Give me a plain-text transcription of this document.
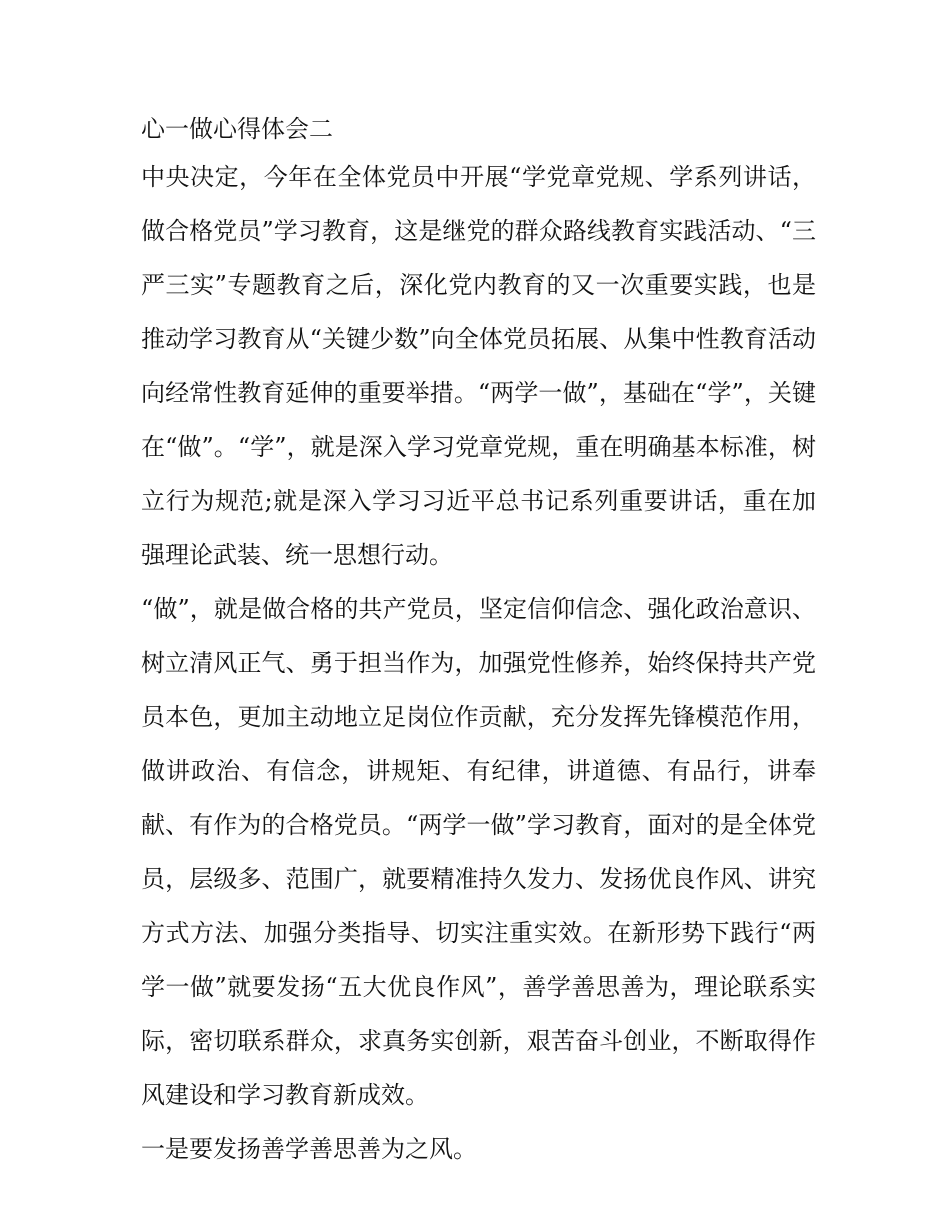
心一做心得体会二

中央决定，今年在全体党员中开展“学党章党规、学系列讲话，做合格党员”学习教育，这是继党的群众路线教育实践活动、“三严三实”专题教育之后，深化党内教育的又一次重要实践，也是推动学习教育从“关键少数”向全体党员拓展、从集中性教育活动向经常性教育延伸的重要举措。“两学一做”，基础在“学”，关键在“做”。“学”，就是深入学习党章党规，重在明确基本标准，树立行为规范;就是深入学习习近平总书记系列重要讲话，重在加强理论武装、统一思想行动。

“做”，就是做合格的共产党员，坚定信仰信念、强化政治意识、树立清风正气、勇于担当作为，加强党性修养，始终保持共产党员本色，更加主动地立足岗位作贡献，充分发挥先锋模范作用，做讲政治、有信念，讲规矩、有纪律，讲道德、有品行，讲奉献、有作为的合格党员。“两学一做”学习教育，面对的是全体党员，层级多、范围广，就要精准持久发力、发扬优良作风、讲究方式方法、加强分类指导、切实注重实效。在新形势下践行“两学一做”就要发扬“五大优良作风”，善学善思善为，理论联系实际，密切联系群众，求真务实创新，艰苦奋斗创业，不断取得作风建设和学习教育新成效。

一是要发扬善学善思善为之风。
